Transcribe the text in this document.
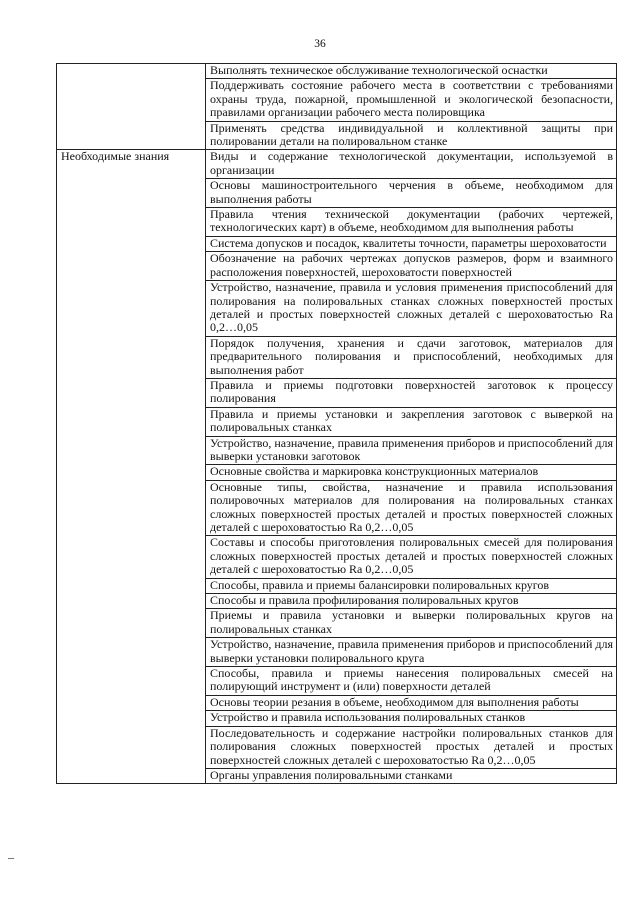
36
	Выполнять техническое обслуживание технологической оснастки
	Поддерживать состояние рабочего места в соответствии с требованиями охраны труда, пожарной, промышленной и экологической безопасности, правилами организации рабочего места полировщика
	Применять средства индивидуальной и коллективной защиты при полировании детали на полировальном станке
Необходимые знания	Виды и содержание технологической документации, используемой в организации
	Основы машиностроительного черчения в объеме, необходимом для выполнения работы
	Правила чтения технической документации (рабочих чертежей, технологических карт) в объеме, необходимом для выполнения работы
	Система допусков и посадок, квалитеты точности, параметры шероховатости
	Обозначение на рабочих чертежах допусков размеров, форм и взаимного расположения поверхностей, шероховатости поверхностей
	Устройство, назначение, правила и условия применения приспособлений для полирования на полировальных станках сложных поверхностей простых деталей и простых поверхностей сложных деталей с шероховатостью Ra 0,2…0,05
	Порядок получения, хранения и сдачи заготовок, материалов для предварительного полирования и приспособлений, необходимых для выполнения работ
	Правила и приемы подготовки поверхностей заготовок к процессу полирования
	Правила и приемы установки и закрепления заготовок с выверкой на полировальных станках
	Устройство, назначение, правила применения приборов и приспособлений для выверки установки заготовок
	Основные свойства и маркировка конструкционных материалов
	Основные типы, свойства, назначение и правила использования полировочных материалов для полирования на полировальных станках сложных поверхностей простых деталей и простых поверхностей сложных деталей с шероховатостью Ra 0,2…0,05
	Составы и способы приготовления полировальных смесей для полирования сложных поверхностей простых деталей и простых поверхностей сложных деталей с шероховатостью Ra 0,2…0,05
	Способы, правила и приемы балансировки полировальных кругов
	Способы и правила профилирования полировальных кругов
	Приемы и правила установки и выверки полировальных кругов на полировальных станках
	Устройство, назначение, правила применения приборов и приспособлений для выверки установки полировального круга
	Способы, правила и приемы нанесения полировальных смесей на полирующий инструмент и (или) поверхности деталей
	Основы теории резания в объеме, необходимом для выполнения работы
	Устройство и правила использования полировальных станков
	Последовательность и содержание настройки полировальных станков для полирования сложных поверхностей простых деталей и простых поверхностей сложных деталей с шероховатостью Ra 0,2…0,05
	Органы управления полировальными станками
